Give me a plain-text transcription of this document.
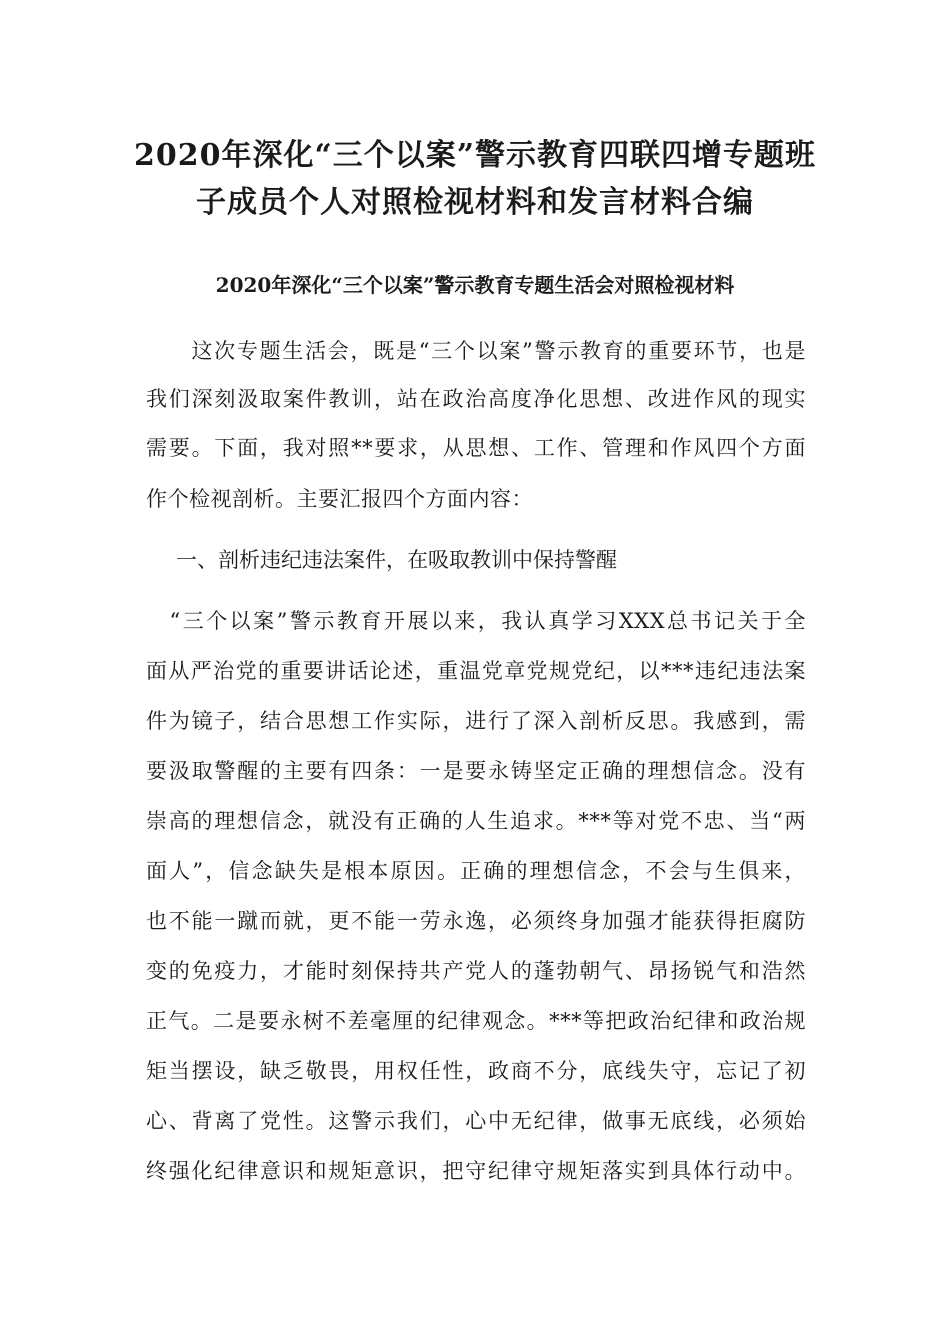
2020年深化“三个以案”警示教育四联四增专题班
子成员个人对照检视材料和发言材料合编
2020年深化“三个以案”警示教育专题生活会对照检视材料

　　这次专题生活会，既是“三个以案”警示教育的重要环节，也是

我们深刻汲取案件教训，站在政治高度净化思想、改进作风的现实

需要。下面，我对照**要求，从思想、工作、管理和作风四个方面

作个检视剖析。主要汇报四个方面内容：

一、剖析违纪违法案件，在吸取教训中保持警醒

　“三个以案”警示教育开展以来，我认真学习XXX总书记关于全

面从严治党的重要讲话论述，重温党章党规党纪，以***违纪违法案

件为镜子，结合思想工作实际，进行了深入剖析反思。我感到，需

要汲取警醒的主要有四条：一是要永铸坚定正确的理想信念。没有

崇高的理想信念，就没有正确的人生追求。***等对党不忠、当“两

面人”，信念缺失是根本原因。正确的理想信念，不会与生俱来，

也不能一蹴而就，更不能一劳永逸，必须终身加强才能获得拒腐防

变的免疫力，才能时刻保持共产党人的蓬勃朝气、昂扬锐气和浩然

正气。二是要永树不差毫厘的纪律观念。***等把政治纪律和政治规

矩当摆设，缺乏敬畏，用权任性，政商不分，底线失守，忘记了初

心、背离了党性。这警示我们，心中无纪律，做事无底线，必须始

终强化纪律意识和规矩意识，把守纪律守规矩落实到具体行动中。
